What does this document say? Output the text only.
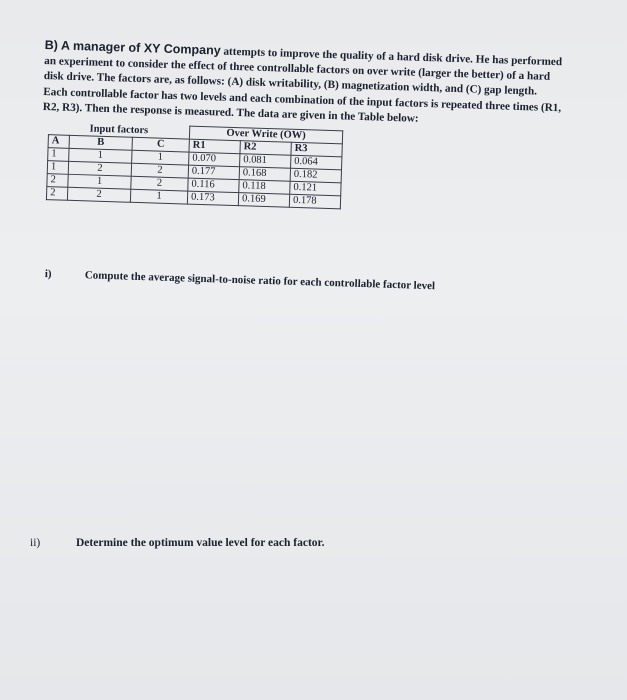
B) A manager of XY Company attempts to improve the quality of a hard disk drive. He has performed an experiment to consider the effect of three controllable factors on over write (larger the better) of a hard disk drive. The factors are, as follows: (A) disk writability, (B) magnetization width, and (C) gap length. Each controllable factor has two levels and each combination of the input factors is repeated three times (R1, R2, R3). Then the response is measured. The data are given in the Table below:

Input factors			Over Write (OW)		
A	B	C	R1	R2	R3
1	1	1	0.070	0.081	0.064
1	2	2	0.177	0.168	0.182
2	1	2	0.116	0.118	0.121
2	2	1	0.173	0.169	0.178
i)	Compute the average signal-to-noise ratio for each controllable factor level
ii)	Determine the optimum value level for each factor.
